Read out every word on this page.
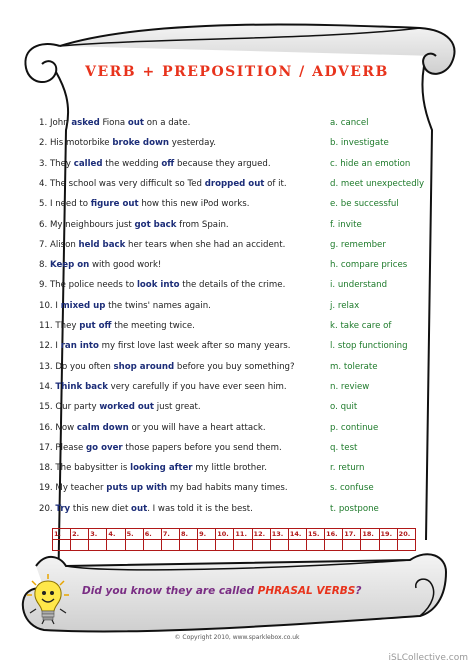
VERB + PREPOSITION / ADVERB
1. John asked Fiona out on a date.
2. His motorbike broke down yesterday.
3. They called the wedding off because they argued.
4. The school was very difficult so Ted dropped out of it.
5. I need to figure out how this new iPod works.
6. My neighbours just got back from Spain.
7. Alison held back her tears when she had an accident.
8. Keep on with good work!
9. The police needs to look into the details of the crime.
10. I mixed up the twins' names again.
11. They put off the meeting twice.
12. I ran into my first love last week after so many years.
13. Do you often shop around before you buy something?
14. Think back very carefully if you have ever seen him.
15. Our party worked out just great.
16. Now calm down or you will have a heart attack.
17. Please go over those papers before you send them.
18. The babysitter is looking after my little brother.
19. My teacher puts up with my bad habits many times.
20. Try this new diet out. I was told it is the best.
a. cancel
b. investigate
c. hide an emotion
d. meet unexpectedly
e. be successful
f. invite
g. remember
h. compare prices
i. understand
j. relax
k. take care of
l. stop functioning
m. tolerate
n. review
o. quit
p. continue
q. test
r. return
s. confuse
t. postpone
1.	2.	3.	4.	5.	6.	7.	8.	9.	10.	11.	12.	13.	14.	15.	16.	17.	18.	19.	20.

Did you know they are called PHRASAL VERBS?
© Copyright 2010, www.sparklebox.co.uk
iSLCollective.com
